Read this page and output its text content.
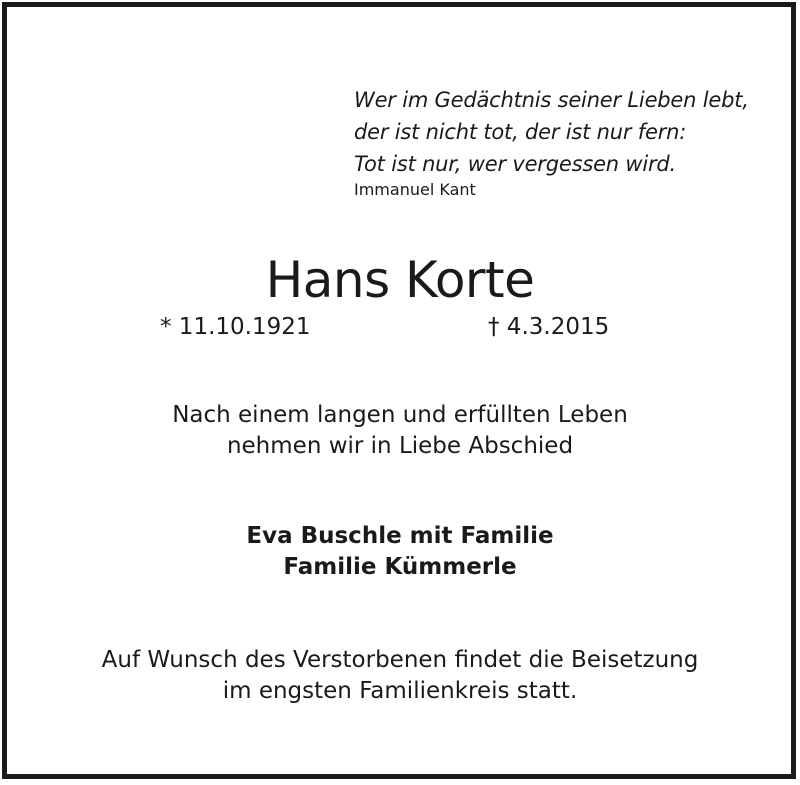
Wer im Gedächtnis seiner Lieben lebt,
der ist nicht tot, der ist nur fern:
Tot ist nur, wer vergessen wird.
Immanuel Kant
Hans Korte
* 11.10.1921	† 4.3.2015
Nach einem langen und erfüllten Leben
nehmen wir in Liebe Abschied
Eva Buschle mit Familie
Familie Kümmerle
Auf Wunsch des Verstorbenen findet die Beisetzung
im engsten Familienkreis statt.
